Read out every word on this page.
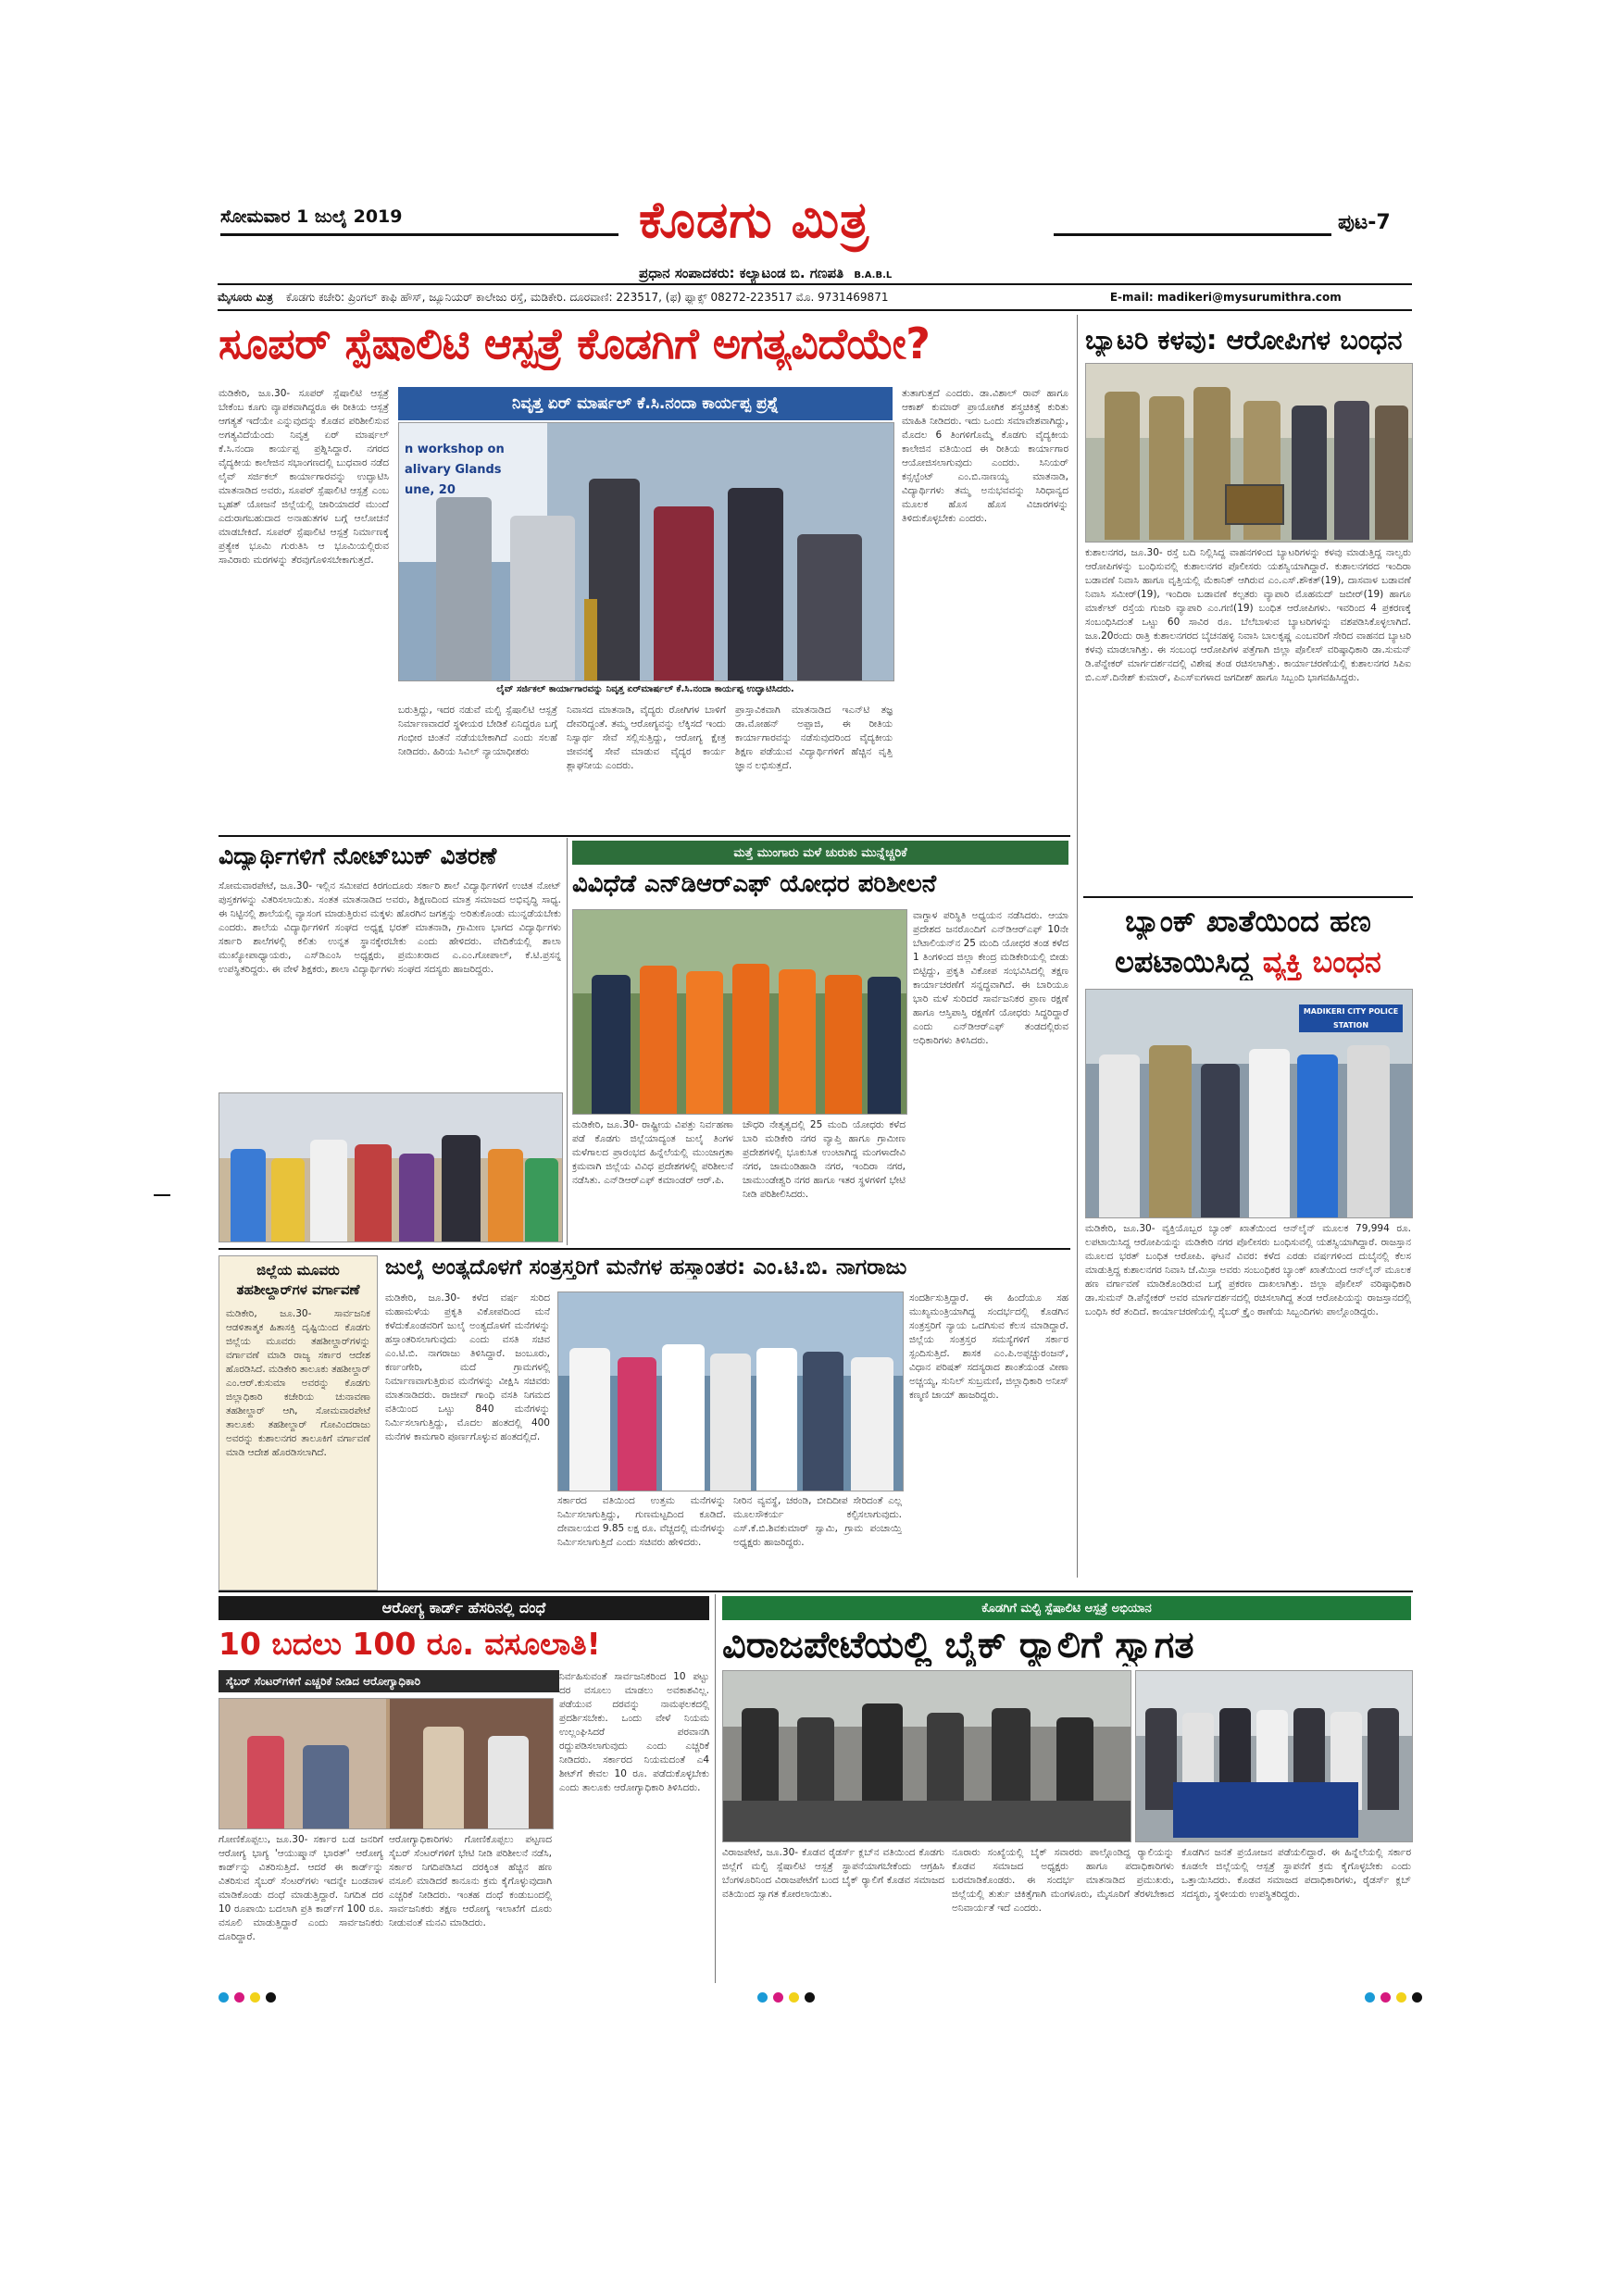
ಸೋಮವಾರ 1 ಜುಲೈ 2019	ಕೊಡಗು ಮಿತ್ರ	ಪುಟ-7
ಪ್ರಧಾನ ಸಂಪಾದಕರು: ಕಲ್ಯಾಟಂಡ ಬಿ. ಗಣಪತಿ B.A.B.L
ಮೈಸೂರು ಮಿತ್ರ ಕೊಡಗು ಕಚೇರಿ: ಪ್ರಿಂಗಲ್ ಕಾಫಿ ಹೌಸ್, ಜ್ಯೂನಿಯರ್ ಕಾಲೇಜು ರಸ್ತೆ, ಮಡಿಕೇರಿ. ದೂರವಾಣಿ: 223517, (ಫ) ಫ್ಯಾಕ್ಸ್ 08272-223517 ಮೊ. 9731469871	E-mail: madikeri@mysurumithra.com
ಸೂಪರ್ ಸ್ಪೆಷಾಲಿಟಿ ಆಸ್ಪತ್ರೆ ಕೊಡಗಿಗೆ ಅಗತ್ಯವಿದೆಯೇ?
ಮಡಿಕೇರಿ, ಜೂ.30- ಸೂಪರ್ ಸ್ಪೆಷಾಲಿಟಿ ಆಸ್ಪತ್ರೆ ಬೇಕೆಂಬ ಕೂಗು ವ್ಯಾಪಕವಾಗಿದ್ದರೂ ಈ ರೀತಿಯ ಆಸ್ಪತ್ರೆ ಆಗತ್ಯತೆ ಇದೆಯೇ ಎನ್ನುವುದನ್ನು ಕೊಡವ ಪರಿಶೀಲಿಸುವ ಅಗತ್ಯವಿದೆಯೆಂದು ನಿವೃತ್ತ ಏರ್ ಮಾರ್ಷಲ್ ಕೆ.ಸಿ.ನಂದಾ ಕಾರ್ಯಪ್ಪ ಪ್ರಶ್ನಿಸಿದ್ದಾರೆ. ನಗರದ ವೈದ್ಯಕೀಯ ಕಾಲೇಜಿನ ಸಭಾಂಗಣದಲ್ಲಿ ಬುಧವಾರ ನಡೆದ ಲೈವ್ ಸರ್ಜಿಕಲ್ ಕಾರ್ಯಾಗಾರವನ್ನು ಉದ್ಘಾಟಿಸಿ ಮಾತನಾಡಿದ ಅವರು, ಸೂಪರ್ ಸ್ಪೆಷಾಲಿಟಿ ಆಸ್ಪತ್ರೆ ಎಂಬ ಬೃಹತ್ ಯೋಜನೆ ಜಿಲ್ಲೆಯಲ್ಲಿ ಜಾರಿಯಾದರೆ ಮುಂದೆ ಎದುರಾಗಬಹುದಾದ ಅನಾಹುತಗಳ ಬಗ್ಗೆ ಆಲೋಚನೆ ಮಾಡಬೇಕಿದೆ. ಸೂಪರ್ ಸ್ಪೆಷಾಲಿಟಿ ಆಸ್ಪತ್ರೆ ನಿರ್ಮಾಣಕ್ಕೆ ಪ್ರತ್ಯೇಕ ಭೂಮಿ ಗುರುತಿಸಿ ಆ ಭೂಮಿಯಲ್ಲಿರುವ ಸಾವಿರಾರು ಮರಗಳನ್ನು ತೆರವುಗೊಳಿಸಬೇಕಾಗುತ್ತದೆ.
ನಿವೃತ್ತ ಏರ್ ಮಾರ್ಷಲ್ ಕೆ.ಸಿ.ನಂದಾ ಕಾರ್ಯಪ್ಪ ಪ್ರಶ್ನೆ
n workshop on
alivary Glands
une, 20
ಲೈವ್ ಸರ್ಜಿಕಲ್ ಕಾರ್ಯಾಗಾರವನ್ನು ನಿವೃತ್ತ ಏರ್‌ಮಾರ್ಷಲ್ ಕೆ.ಸಿ.ನಂದಾ ಕಾರ್ಯಪ್ಪ ಉದ್ಘಾಟಿಸಿದರು.
ಬರುತ್ತಿದ್ದು, ಇದರ ನಡುವೆ ಮಲ್ಟಿ ಸ್ಪೆಷಾಲಿಟಿ ಆಸ್ಪತ್ರೆ ನಿರ್ಮಾಣವಾದರೆ ಸ್ಥಳೀಯರ ಬೇಡಿಕೆ ಏನಿದ್ದರೂ ಬಗ್ಗೆ ಗಂಭೀರ ಚಿಂತನೆ ನಡೆಯಬೇಕಾಗಿದೆ ಎಂದು ಸಲಹೆ ನೀಡಿದರು. ಹಿರಿಯ ಸಿವಿಲ್ ನ್ಯಾಯಾಧೀಶರು
ನಿವಾಸದ ಮಾತನಾಡಿ, ವೈದ್ಯರು ರೋಗಿಗಳ ಬಾಳಿಗೆ ದೇವರಿದ್ದಂತೆ. ತಮ್ಮ ಆರೋಗ್ಯವನ್ನು ಲೆಕ್ಕಿಸದೆ ಇಂದು ನಿಸ್ವಾರ್ಥ ಸೇವೆ ಸಲ್ಲಿಸುತ್ತಿದ್ದು, ಆರೋಗ್ಯ ಕ್ಷೇತ್ರ ಜೀವನಕ್ಕೆ ಸೇವೆ ಮಾಡುವ ವೈದ್ಯರ ಕಾರ್ಯ ಶ್ಲಾಘನೀಯ ಎಂದರು.
ಪ್ರಾಸ್ತಾವಿಕವಾಗಿ ಮಾತನಾಡಿದ ಇಎನ್‌ಟಿ ತಜ್ಞ ಡಾ.ಮೋಹನ್ ಅಪ್ಪಾಜಿ, ಈ ರೀತಿಯ ಕಾರ್ಯಾಗಾರವನ್ನು ನಡೆಸುವುದರಿಂದ ವೈದ್ಯಕೀಯ ಶಿಕ್ಷಣ ಪಡೆಯುವ ವಿದ್ಯಾರ್ಥಿಗಳಿಗೆ ಹೆಚ್ಚಿನ ವೃತ್ತಿ ಜ್ಞಾನ ಲಭಿಸುತ್ತದೆ.
ತುತಾಗುತ್ತದೆ ಎಂದರು. ಡಾ.ವಿಶಾಲ್ ರಾವ್ ಹಾಗೂ ಆಕಾಶ್ ಕುಮಾರ್ ಪ್ರಾಯೋಗಿಕ ಶಸ್ತ್ರಚಿಕಿತ್ಸೆ ಕುರಿತು ಮಾಹಿತಿ ನೀಡಿದರು. ಇದು ಒಂದು ಸಮಾವೇಶವಾಗಿದ್ದು, ಮೊದಲ 6 ತಿಂಗಳಿಗೊಮ್ಮೆ ಕೊಡಗು ವೈದ್ಯಕೀಯ ಕಾಲೇಜಿನ ವತಿಯಿಂದ ಈ ರೀತಿಯ ಕಾರ್ಯಾಗಾರ ಆಯೋಜಿಸಲಾಗುವುದು ಎಂದರು. ಸಿನಿಯರ್ ಕನ್ಸಲ್ಟೆಂಟ್ ಎಂ.ಬಿ.ನಾಣಯ್ಯ ಮಾತನಾಡಿ, ವಿದ್ಯಾರ್ಥಿಗಳು ತಮ್ಮ ಅನುಭವವನ್ನು ಸಿರಿಧಾನ್ಯದ ಮೂಲಕ ಹೊಸ ಹೊಸ ವಿಚಾರಗಳನ್ನು ತಿಳಿದುಕೊಳ್ಳಬೇಕು ಎಂದರು.
ಬ್ಯಾಟರಿ ಕಳವು: ಆರೋಪಿಗಳ ಬಂಧನ
ಕುಶಾಲನಗರ, ಜೂ.30- ರಸ್ತೆ ಬದಿ ನಿಲ್ಲಿಸಿದ್ದ ವಾಹನಗಳಿಂದ ಬ್ಯಾಟರಿಗಳನ್ನು ಕಳವು ಮಾಡುತ್ತಿದ್ದ ನಾಲ್ವರು ಆರೋಪಿಗಳನ್ನು ಬಂಧಿಸುವಲ್ಲಿ ಕುಶಾಲನಗರ ಪೊಲೀಸರು ಯಶಸ್ವಿಯಾಗಿದ್ದಾರೆ. ಕುಶಾಲನಗರದ ಇಂದಿರಾ ಬಡಾವಣೆ ನಿವಾಸಿ ಹಾಗೂ ವೃತ್ತಿಯಲ್ಲಿ ಮೆಕಾನಿಕ್ ಆಗಿರುವ ಎಂ.ಎಸ್.ಶೌಕತ್(19), ದಾಸವಾಳ ಬಡಾವಣೆ ನಿವಾಸಿ ಸಮೀರ್(19), ಇಂದಿರಾ ಬಡಾವಣೆ ಕಲ್ಪತರು ವ್ಯಾಪಾರಿ ಮೊಹಮದ್ ಜಬೀರ್(19) ಹಾಗೂ ಮಾರ್ಕೆಟ್ ರಸ್ತೆಯ ಗುಜರಿ ವ್ಯಾಪಾರಿ ಎಂ.ಗಣಿ(19) ಬಂಧಿತ ಆರೋಪಿಗಳು. ಇವರಿಂದ 4 ಪ್ರಕರಣಕ್ಕೆ ಸಂಬಂಧಿಸಿದಂತೆ ಒಟ್ಟು 60 ಸಾವಿರ ರೂ. ಬೆಲೆಬಾಳುವ ಬ್ಯಾಟರಿಗಳನ್ನು ವಶಪಡಿಸಿಕೊಳ್ಳಲಾಗಿದೆ. ಜೂ.20ರಂದು ರಾತ್ರಿ ಕುಶಾಲನಗರದ ಬೈಚನಹಳ್ಳಿ ನಿವಾಸಿ ಬಾಲಕೃಷ್ಣ ಎಂಬವರಿಗೆ ಸೇರಿದ ವಾಹನದ ಬ್ಯಾಟರಿ ಕಳವು ಮಾಡಲಾಗಿತ್ತು. ಈ ಸಂಬಂಧ ಆರೋಪಿಗಳ ಪತ್ತೆಗಾಗಿ ಜಿಲ್ಲಾ ಪೊಲೀಸ್ ವರಿಷ್ಠಾಧಿಕಾರಿ ಡಾ.ಸುಮನ್ ಡಿ.ಪೆನ್ನೇಕರ್ ಮಾರ್ಗದರ್ಶನದಲ್ಲಿ ವಿಶೇಷ ತಂಡ ರಚಿಸಲಾಗಿತ್ತು. ಕಾರ್ಯಾಚರಣೆಯಲ್ಲಿ ಕುಶಾಲನಗರ ಸಿಪಿಐ ಬಿ.ಎಸ್.ದಿನೇಶ್ ಕುಮಾರ್, ಪಿಎಸ್‌ಐಗಳಾದ ಜಗದೀಶ್ ಹಾಗೂ ಸಿಬ್ಬಂದಿ ಭಾಗವಹಿಸಿದ್ದರು.
ವಿದ್ಯಾರ್ಥಿಗಳಿಗೆ ನೋಟ್‌ಬುಕ್ ವಿತರಣೆ
ಸೋಮವಾರಪೇಟೆ, ಜೂ.30- ಇಲ್ಲಿನ ಸಮೀಪದ ಕಿರಗಂದೂರು ಸರ್ಕಾರಿ ಶಾಲೆ ವಿದ್ಯಾರ್ಥಿಗಳಿಗೆ ಉಚಿತ ನೋಟ್ ಪುಸ್ತಕಗಳನ್ನು ವಿತರಿಸಲಾಯಿತು. ಸಂತತ ಮಾತನಾಡಿದ ಅವರು, ಶಿಕ್ಷಣದಿಂದ ಮಾತ್ರ ಸಮಾಜದ ಅಭಿವೃದ್ಧಿ ಸಾಧ್ಯ. ಈ ನಿಟ್ಟಿನಲ್ಲಿ ಶಾಲೆಯಲ್ಲಿ ವ್ಯಾಸಂಗ ಮಾಡುತ್ತಿರುವ ಮಕ್ಕಳು ಹೊರಗಿನ ಜಗತ್ತನ್ನು ಅರಿತುಕೊಂಡು ಮುನ್ನಡೆಯಬೇಕು ಎಂದರು. ಶಾಲೆಯ ವಿದ್ಯಾರ್ಥಿಗಳಿಗೆ ಸಂಘದ ಅಧ್ಯಕ್ಷ ಭರತ್ ಮಾತನಾಡಿ, ಗ್ರಾಮೀಣ ಭಾಗದ ವಿದ್ಯಾರ್ಥಿಗಳು ಸರ್ಕಾರಿ ಶಾಲೆಗಳಲ್ಲಿ ಕಲಿತು ಉನ್ನತ ಸ್ಥಾನಕ್ಕೇರಬೇಕು ಎಂದು ಹೇಳಿದರು. ವೇದಿಕೆಯಲ್ಲಿ ಶಾಲಾ ಮುಖ್ಯೋಪಾಧ್ಯಾಯರು, ಎಸ್‌ಡಿಎಂಸಿ ಅಧ್ಯಕ್ಷರು, ಪ್ರಮುಖರಾದ ಎ.ಎಂ.ಗೋಪಾಲ್, ಕೆ.ಟಿ.ಪ್ರಸನ್ನ ಉಪಸ್ಥಿತರಿದ್ದರು. ಈ ವೇಳೆ ಶಿಕ್ಷಕರು, ಶಾಲಾ ವಿದ್ಯಾರ್ಥಿಗಳು ಸಂಘದ ಸದಸ್ಯರು ಹಾಜರಿದ್ದರು.
ಮತ್ತೆ ಮುಂಗಾರು ಮಳೆ ಚುರುಕು ಮುನ್ನೆಚ್ಚರಿಕೆ
ವಿವಿಧೆಡೆ ಎನ್‌ಡಿಆರ್‌ಎಫ್ ಯೋಧರ ಪರಿಶೀಲನೆ
ಮಡಿಕೇರಿ, ಜೂ.30- ರಾಷ್ಟ್ರೀಯ ವಿಪತ್ತು ನಿರ್ವಹಣಾ ಪಡೆ ಕೊಡಗು ಜಿಲ್ಲೆಯಾದ್ಯಂತ ಜುಲೈ ತಿಂಗಳ ಮಳೆಗಾಲದ ಪ್ರಾರಂಭದ ಹಿನ್ನೆಲೆಯಲ್ಲಿ ಮುಂಜಾಗ್ರತಾ ಕ್ರಮವಾಗಿ ಜಿಲ್ಲೆಯ ವಿವಿಧ ಪ್ರದೇಶಗಳಲ್ಲಿ ಪರಿಶೀಲನೆ ನಡೆಸಿತು. ಎನ್‌ಡಿಆರ್‌ಎಫ್ ಕಮಾಂಡರ್ ಆರ್.ಪಿ.
ಚೌಧರಿ ನೇತೃತ್ವದಲ್ಲಿ 25 ಮಂದಿ ಯೋಧರು ಕಳೆದ ಬಾರಿ ಮಡಿಕೇರಿ ನಗರ ವ್ಯಾಪ್ತಿ ಹಾಗೂ ಗ್ರಾಮೀಣ ಪ್ರದೇಶಗಳಲ್ಲಿ ಭೂಕುಸಿತ ಉಂಟಾಗಿದ್ದ ಮಂಗಳಾದೇವಿ ನಗರ, ಜಾಮಂಡಿಹಾಡಿ ನಗರ, ಇಂದಿರಾ ನಗರ, ಚಾಮುಂಡೇಶ್ವರಿ ನಗರ ಹಾಗೂ ಇತರ ಸ್ಥಳಗಳಿಗೆ ಭೇಟಿ ನೀಡಿ ಪರಿಶೀಲಿಸಿದರು.
ವಾಗ್ದಾಳ ಪರಿಸ್ಥಿತಿ ಅಧ್ಯಯನ ನಡೆಸಿದರು. ಆಯಾ ಪ್ರದೇಶದ ಜನರೊಂದಿಗೆ ಎನ್‌ಡಿಆರ್‌ಎಫ್ 10ನೇ ಬೆಟಾಲಿಯನ್‌ನ 25 ಮಂದಿ ಯೋಧರ ತಂಡ ಕಳೆದ 1 ತಿಂಗಳಿಂದ ಜಿಲ್ಲಾ ಕೇಂದ್ರ ಮಡಿಕೇರಿಯಲ್ಲಿ ಬೀಡು ಬಿಟ್ಟಿದ್ದು, ಪ್ರಕೃತಿ ವಿಕೋಪ ಸಂಭವಿಸಿದಲ್ಲಿ ತಕ್ಷಣ ಕಾರ್ಯಾಚರಣೆಗೆ ಸನ್ನದ್ಧವಾಗಿದೆ. ಈ ಬಾರಿಯೂ ಭಾರಿ ಮಳೆ ಸುರಿದರೆ ಸಾರ್ವಜನಿಕರ ಪ್ರಾಣ ರಕ್ಷಣೆ ಹಾಗೂ ಆಸ್ತಿಪಾಸ್ತಿ ರಕ್ಷಣೆಗೆ ಯೋಧರು ಸಿದ್ಧರಿದ್ದಾರೆ ಎಂದು ಎನ್‌ಡಿಆರ್‌ಎಫ್ ತಂಡದಲ್ಲಿರುವ ಅಧಿಕಾರಿಗಳು ತಿಳಿಸಿದರು.
ಬ್ಯಾಂಕ್ ಖಾತೆಯಿಂದ ಹಣ
ಲಪಟಾಯಿಸಿದ್ದ ವ್ಯಕ್ತಿ ಬಂಧನ
MADIKERI CITY POLICE STATION
ಮಡಿಕೇರಿ, ಜೂ.30- ವ್ಯಕ್ತಿಯೊಬ್ಬರ ಬ್ಯಾಂಕ್ ಖಾತೆಯಿಂದ ಆನ್‌ಲೈನ್ ಮೂಲಕ 79,994 ರೂ. ಲಪಟಾಯಿಸಿದ್ದ ಆರೋಪಿಯನ್ನು ಮಡಿಕೇರಿ ನಗರ ಪೊಲೀಸರು ಬಂಧಿಸುವಲ್ಲಿ ಯಶಸ್ವಿಯಾಗಿದ್ದಾರೆ. ರಾಜಸ್ತಾನ ಮೂಲದ ಭರತ್ ಬಂಧಿತ ಆರೋಪಿ. ಘಟನೆ ವಿವರ: ಕಳೆದ ಎರಡು ವರ್ಷಗಳಿಂದ ದುಬೈನಲ್ಲಿ ಕೆಲಸ ಮಾಡುತ್ತಿದ್ದ ಕುಶಾಲನಗರ ನಿವಾಸಿ ಜೆ.ಮಿಸ್ರಾ ಅವರು ಸಂಬಂಧಿಕರ ಬ್ಯಾಂಕ್ ಖಾತೆಯಿಂದ ಆನ್‌ಲೈನ್ ಮೂಲಕ ಹಣ ವರ್ಗಾವಣೆ ಮಾಡಿಕೊಂಡಿರುವ ಬಗ್ಗೆ ಪ್ರಕರಣ ದಾಖಲಾಗಿತ್ತು. ಜಿಲ್ಲಾ ಪೊಲೀಸ್ ವರಿಷ್ಠಾಧಿಕಾರಿ ಡಾ.ಸುಮನ್ ಡಿ.ಪೆನ್ನೇಕರ್ ಅವರ ಮಾರ್ಗದರ್ಶನದಲ್ಲಿ ರಚಿಸಲಾಗಿದ್ದ ತಂಡ ಆರೋಪಿಯನ್ನು ರಾಜಸ್ತಾನದಲ್ಲಿ ಬಂಧಿಸಿ ಕರೆ ತಂದಿದೆ. ಕಾರ್ಯಾಚರಣೆಯಲ್ಲಿ ಸೈಬರ್ ಕ್ರೈಂ ಠಾಣೆಯ ಸಿಬ್ಬಂದಿಗಳು ಪಾಲ್ಗೊಂಡಿದ್ದರು.
ಜಿಲ್ಲೆಯ ಮೂವರು ತಹಶೀಲ್ದಾರ್‌ಗಳ ವರ್ಗಾವಣೆ
ಮಡಿಕೇರಿ, ಜೂ.30- ಸಾರ್ವಜನಿಕ ಆಡಳಿತಾತ್ಮಕ ಹಿತಾಸಕ್ತಿ ದೃಷ್ಟಿಯಿಂದ ಕೊಡಗು ಜಿಲ್ಲೆಯ ಮೂವರು ತಹಶೀಲ್ದಾರ್‌ಗಳನ್ನು ವರ್ಗಾವಣೆ ಮಾಡಿ ರಾಜ್ಯ ಸರ್ಕಾರ ಆದೇಶ ಹೊರಡಿಸಿದೆ. ಮಡಿಕೇರಿ ತಾಲೂಕು ತಹಶೀಲ್ದಾರ್ ಎಂ.ಆರ್.ಕುಸುಮಾ ಅವರನ್ನು ಕೊಡಗು ಜಿಲ್ಲಾಧಿಕಾರಿ ಕಚೇರಿಯ ಚುನಾವಣಾ ತಹಶೀಲ್ದಾರ್ ಆಗಿ, ಸೋಮವಾರಪೇಟೆ ತಾಲೂಕು ತಹಶೀಲ್ದಾರ್ ಗೋವಿಂದರಾಜು ಅವರನ್ನು ಕುಶಾಲನಗರ ತಾಲೂಕಿಗೆ ವರ್ಗಾವಣೆ ಮಾಡಿ ಆದೇಶ ಹೊರಡಿಸಲಾಗಿದೆ.
ಜುಲೈ ಅಂತ್ಯದೊಳಗೆ ಸಂತ್ರಸ್ತರಿಗೆ ಮನೆಗಳ ಹಸ್ತಾಂತರ: ಎಂ.ಟಿ.ಬಿ. ನಾಗರಾಜು
ಮಡಿಕೇರಿ, ಜೂ.30- ಕಳೆದ ವರ್ಷ ಸುರಿದ ಮಹಾಮಳೆಯ ಪ್ರಕೃತಿ ವಿಕೋಪದಿಂದ ಮನೆ ಕಳೆದುಕೊಂಡವರಿಗೆ ಜುಲೈ ಅಂತ್ಯದೊಳಗೆ ಮನೆಗಳನ್ನು ಹಸ್ತಾಂತರಿಸಲಾಗುವುದು ಎಂದು ವಸತಿ ಸಚಿವ ಎಂ.ಟಿ.ಬಿ. ನಾಗರಾಜು ತಿಳಿಸಿದ್ದಾರೆ. ಜಂಬೂರು, ಕರ್ಣಂಗೇರಿ, ಮದೆ ಗ್ರಾಮಗಳಲ್ಲಿ ನಿರ್ಮಾಣವಾಗುತ್ತಿರುವ ಮನೆಗಳನ್ನು ವೀಕ್ಷಿಸಿ ಸಚಿವರು ಮಾತನಾಡಿದರು. ರಾಜೀವ್ ಗಾಂಧಿ ವಸತಿ ನಿಗಮದ ವತಿಯಿಂದ ಒಟ್ಟು 840 ಮನೆಗಳನ್ನು ನಿರ್ಮಿಸಲಾಗುತ್ತಿದ್ದು, ಮೊದಲ ಹಂತದಲ್ಲಿ 400 ಮನೆಗಳ ಕಾಮಗಾರಿ ಪೂರ್ಣಗೊಳ್ಳುವ ಹಂತದಲ್ಲಿದೆ.
ಸರ್ಕಾರದ ವತಿಯಿಂದ ಉತ್ತಮ ಮನೆಗಳನ್ನು ನಿರ್ಮಿಸಲಾಗುತ್ತಿದ್ದು, ಗುಣಮಟ್ಟದಿಂದ ಕೂಡಿದೆ. ದೇವಾಲಯದ 9.85 ಲಕ್ಷ ರೂ. ವೆಚ್ಚದಲ್ಲಿ ಮನೆಗಳನ್ನು ನಿರ್ಮಿಸಲಾಗುತ್ತಿದೆ ಎಂದು ಸಚಿವರು ಹೇಳಿದರು.
ನೀರಿನ ವ್ಯವಸ್ಥೆ, ಚರಂಡಿ, ಬೀದಿದೀಪ ಸೇರಿದಂತೆ ಎಲ್ಲ ಮೂಲಸೌಕರ್ಯ ಕಲ್ಪಿಸಲಾಗುವುದು. ಎಸ್.ಕೆ.ಬಿ.ಶಿವಕುಮಾರ್ ಸ್ವಾಮಿ, ಗ್ರಾಮ ಪಂಚಾಯ್ತಿ ಅಧ್ಯಕ್ಷರು ಹಾಜರಿದ್ದರು.
ಸಂದರ್ಶಿಸುತ್ತಿದ್ದಾರೆ. ಈ ಹಿಂದೆಯೂ ಸಹ ಮುಖ್ಯಮಂತ್ರಿಯಾಗಿದ್ದ ಸಂದರ್ಭದಲ್ಲಿ ಕೊಡಗಿನ ಸಂತ್ರಸ್ತರಿಗೆ ನ್ಯಾಯ ಒದಗಿಸುವ ಕೆಲಸ ಮಾಡಿದ್ದಾರೆ. ಜಿಲ್ಲೆಯ ಸಂತ್ರಸ್ತರ ಸಮಸ್ಯೆಗಳಿಗೆ ಸರ್ಕಾರ ಸ್ಪಂದಿಸುತ್ತಿದೆ. ಶಾಸಕ ಎಂ.ಪಿ.ಅಪ್ಪಚ್ಚುರಂಜನ್, ವಿಧಾನ ಪರಿಷತ್ ಸದಸ್ಯರಾದ ಶಾಂತೆಯಂಡ ವೀಣಾ ಅಚ್ಚಯ್ಯ, ಸುನಿಲ್ ಸುಬ್ರಮಣಿ, ಜಿಲ್ಲಾಧಿಕಾರಿ ಅನೀಸ್ ಕಣ್ಮಣಿ ಜಾಯ್ ಹಾಜರಿದ್ದರು.
ಆರೋಗ್ಯ ಕಾರ್ಡ್ ಹೆಸರಿನಲ್ಲಿ ದಂಧೆ
10 ಬದಲು 100 ರೂ. ವಸೂಲಾತಿ!
ಸೈಬರ್ ಸೆಂಟರ್‌ಗಳಿಗೆ ಎಚ್ಚರಿಕೆ ನೀಡಿದ ಆರೋಗ್ಯಾಧಿಕಾರಿ
ಗೋಣಿಕೊಪ್ಪಲು, ಜೂ.30- ಸರ್ಕಾರ ಬಡ ಜನರಿಗೆ ಆರೋಗ್ಯ ಭಾಗ್ಯ 'ಆಯುಷ್ಮಾನ್ ಭಾರತ್' ಆರೋಗ್ಯ ಕಾರ್ಡ್‌ನ್ನು ವಿತರಿಸುತ್ತಿದೆ. ಆದರೆ ಈ ಕಾರ್ಡ್‌ನ್ನು ವಿತರಿಸುವ ಸೈಬರ್ ಸೆಂಟರ್‌ಗಳು ಇದನ್ನೇ ಬಂಡವಾಳ ಮಾಡಿಕೊಂಡು ದಂಧೆ ಮಾಡುತ್ತಿದ್ದಾರೆ. ನಿಗದಿತ ದರ 10 ರೂಪಾಯಿ ಬದಲಾಗಿ ಪ್ರತಿ ಕಾರ್ಡ್‌ಗೆ 100 ರೂ. ವಸೂಲಿ ಮಾಡುತ್ತಿದ್ದಾರೆ ಎಂದು ಸಾರ್ವಜನಿಕರು ದೂರಿದ್ದಾರೆ.
ಆರೋಗ್ಯಾಧಿಕಾರಿಗಳು ಗೋಣಿಕೊಪ್ಪಲು ಪಟ್ಟಣದ ಸೈಬರ್ ಸೆಂಟರ್‌ಗಳಿಗೆ ಭೇಟಿ ನೀಡಿ ಪರಿಶೀಲನೆ ನಡೆಸಿ, ಸರ್ಕಾರ ನಿಗದಿಪಡಿಸಿದ ದರಕ್ಕಿಂತ ಹೆಚ್ಚಿನ ಹಣ ವಸೂಲಿ ಮಾಡಿದರೆ ಕಾನೂನು ಕ್ರಮ ಕೈಗೊಳ್ಳುವುದಾಗಿ ಎಚ್ಚರಿಕೆ ನೀಡಿದರು. ಇಂತಹ ದಂಧೆ ಕಂಡುಬಂದಲ್ಲಿ ಸಾರ್ವಜನಿಕರು ತಕ್ಷಣ ಆರೋಗ್ಯ ಇಲಾಖೆಗೆ ದೂರು ನೀಡುವಂತೆ ಮನವಿ ಮಾಡಿದರು.
ನಿರ್ವಹಿಸುವಂತೆ ಸಾರ್ವಜನಿಕರಿಂದ 10 ಪಟ್ಟು ದರ ವಸೂಲು ಮಾಡಲು ಅವಕಾಶವಿಲ್ಲ. ಪಡೆಯುವ ದರವನ್ನು ನಾಮಫಲಕದಲ್ಲಿ ಪ್ರದರ್ಶಿಸಬೇಕು. ಒಂದು ವೇಳೆ ನಿಯಮ ಉಲ್ಲಂಘಿಸಿದರೆ ಪರವಾನಗಿ ರದ್ದುಪಡಿಸಲಾಗುವುದು ಎಂದು ಎಚ್ಚರಿಕೆ ನೀಡಿದರು. ಸರ್ಕಾರದ ನಿಯಮದಂತೆ ಎ4 ಶೀಟ್‌ಗೆ ಕೇವಲ 10 ರೂ. ಪಡೆದುಕೊಳ್ಳಬೇಕು ಎಂದು ತಾಲೂಕು ಆರೋಗ್ಯಾಧಿಕಾರಿ ತಿಳಿಸಿದರು.
ಕೊಡಗಿಗೆ ಮಲ್ಟಿ ಸ್ಪೆಷಾಲಿಟಿ ಆಸ್ಪತ್ರೆ ಅಭಿಯಾನ
ವಿರಾಜಪೇಟೆಯಲ್ಲಿ ಬೈಕ್ ರ‍್ಯಾಲಿಗೆ ಸ್ವಾಗತ
ವಿರಾಜಪೇಟೆ, ಜೂ.30- ಕೊಡವ ರೈಡರ್ಸ್ ಕ್ಲಬ್‌ನ ವತಿಯಿಂದ ಕೊಡಗು ಜಿಲ್ಲೆಗೆ ಮಲ್ಟಿ ಸ್ಪೆಷಾಲಿಟಿ ಆಸ್ಪತ್ರೆ ಸ್ಥಾಪನೆಯಾಗಬೇಕೆಂದು ಆಗ್ರಹಿಸಿ ಬೆಂಗಳೂರಿನಿಂದ ವಿರಾಜಪೇಟೆಗೆ ಬಂದ ಬೈಕ್ ರ‍್ಯಾಲಿಗೆ ಕೊಡವ ಸಮಾಜದ ವತಿಯಿಂದ ಸ್ವಾಗತ ಕೋರಲಾಯಿತು.
ನೂರಾರು ಸಂಖ್ಯೆಯಲ್ಲಿ ಬೈಕ್ ಸವಾರರು ಪಾಲ್ಗೊಂಡಿದ್ದ ರ‍್ಯಾಲಿಯನ್ನು ಕೊಡವ ಸಮಾಜದ ಅಧ್ಯಕ್ಷರು ಹಾಗೂ ಪದಾಧಿಕಾರಿಗಳು ಬರಮಾಡಿಕೊಂಡರು. ಈ ಸಂದರ್ಭ ಮಾತನಾಡಿದ ಪ್ರಮುಖರು, ಜಿಲ್ಲೆಯಲ್ಲಿ ತುರ್ತು ಚಿಕಿತ್ಸೆಗಾಗಿ ಮಂಗಳೂರು, ಮೈಸೂರಿಗೆ ತೆರಳಬೇಕಾದ ಅನಿವಾರ್ಯತೆ ಇದೆ ಎಂದರು.
ಕೊಡಗಿನ ಜನತೆ ಪ್ರಯೋಜನ ಪಡೆಯಲಿದ್ದಾರೆ. ಈ ಹಿನ್ನೆಲೆಯಲ್ಲಿ ಸರ್ಕಾರ ಕೂಡಲೇ ಜಿಲ್ಲೆಯಲ್ಲಿ ಆಸ್ಪತ್ರೆ ಸ್ಥಾಪನೆಗೆ ಕ್ರಮ ಕೈಗೊಳ್ಳಬೇಕು ಎಂದು ಒತ್ತಾಯಿಸಿದರು. ಕೊಡವ ಸಮಾಜದ ಪದಾಧಿಕಾರಿಗಳು, ರೈಡರ್ಸ್ ಕ್ಲಬ್ ಸದಸ್ಯರು, ಸ್ಥಳೀಯರು ಉಪಸ್ಥಿತರಿದ್ದರು.
